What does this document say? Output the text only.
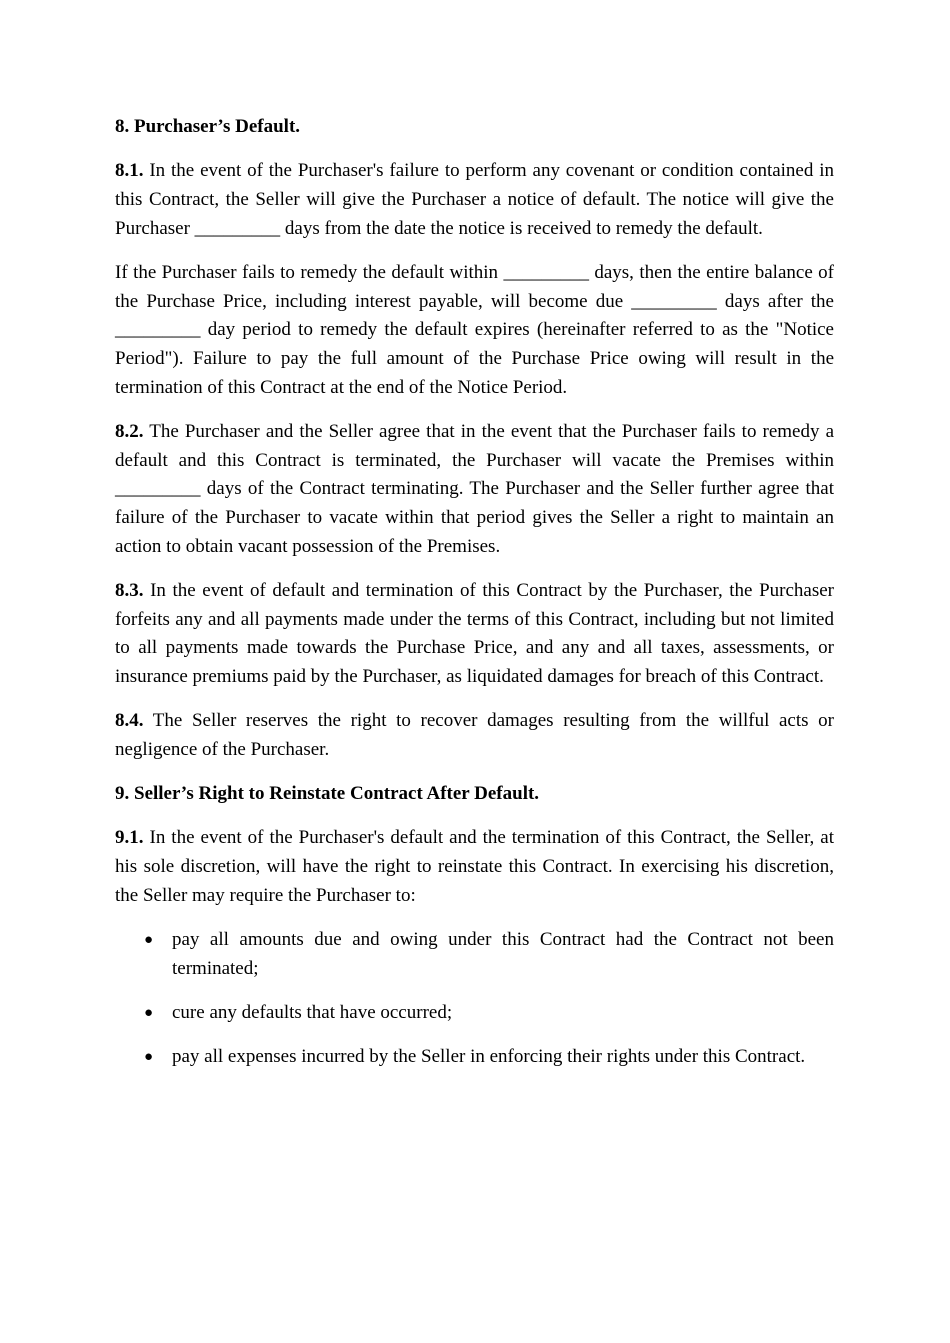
8. Purchaser’s Default.

8.1. In the event of the Purchaser's failure to perform any covenant or condition contained in this Contract, the Seller will give the Purchaser a notice of default. The notice will give the Purchaser _________ days from the date the notice is received to remedy the default.

If the Purchaser fails to remedy the default within _________ days, then the entire balance of the Purchase Price, including interest payable, will become due _________ days after the _________ day period to remedy the default expires (hereinafter referred to as the "Notice Period"). Failure to pay the full amount of the Purchase Price owing will result in the termination of this Contract at the end of the Notice Period.

8.2. The Purchaser and the Seller agree that in the event that the Purchaser fails to remedy a default and this Contract is terminated, the Purchaser will vacate the Premises within _________ days of the Contract terminating. The Purchaser and the Seller further agree that failure of the Purchaser to vacate within that period gives the Seller a right to maintain an action to obtain vacant possession of the Premises.

8.3. In the event of default and termination of this Contract by the Purchaser, the Purchaser forfeits any and all payments made under the terms of this Contract, including but not limited to all payments made towards the Purchase Price, and any and all taxes, assessments, or insurance premiums paid by the Purchaser, as liquidated damages for breach of this Contract.

8.4. The Seller reserves the right to recover damages resulting from the willful acts or negligence of the Purchaser.

9. Seller’s Right to Reinstate Contract After Default.

9.1. In the event of the Purchaser's default and the termination of this Contract, the Seller, at his sole discretion, will have the right to reinstate this Contract. In exercising his discretion, the Seller may require the Purchaser to:

● pay all amounts due and owing under this Contract had the Contract not been terminated;
● cure any defaults that have occurred;
● pay all expenses incurred by the Seller in enforcing their rights under this Contract.
